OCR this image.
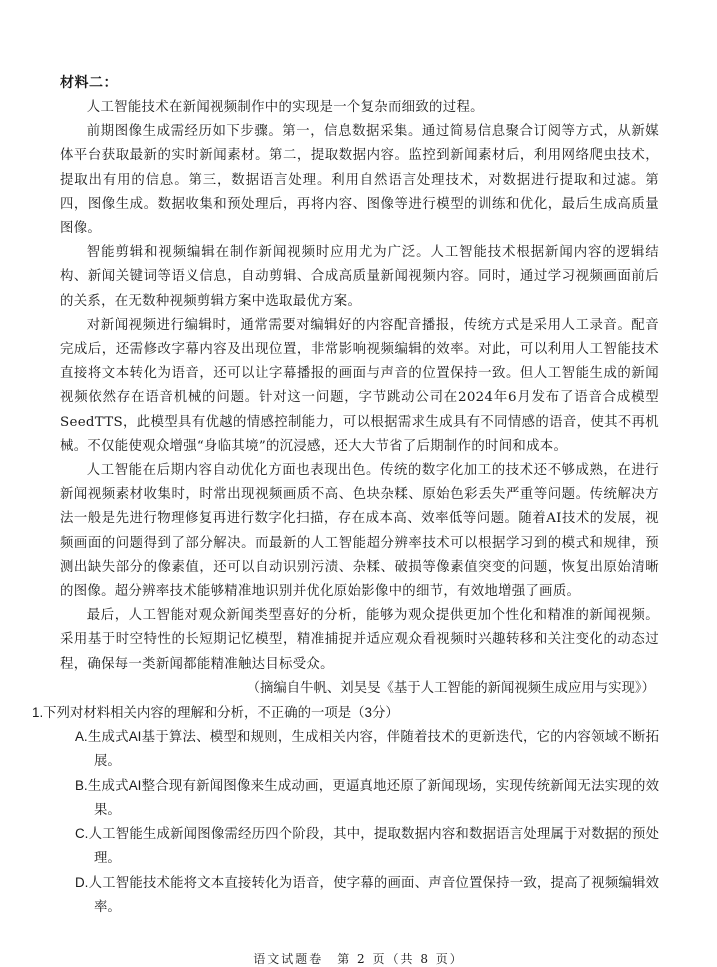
材料二：

人工智能技术在新闻视频制作中的实现是一个复杂而细致的过程。

前期图像生成需经历如下步骤。第一，信息数据采集。通过简易信息聚合订阅等方式，从新媒体平台获取最新的实时新闻素材。第二，提取数据内容。监控到新闻素材后，利用网络爬虫技术，提取出有用的信息。第三，数据语言处理。利用自然语言处理技术，对数据进行提取和过滤。第四，图像生成。数据收集和预处理后，再将内容、图像等进行模型的训练和优化，最后生成高质量图像。

智能剪辑和视频编辑在制作新闻视频时应用尤为广泛。人工智能技术根据新闻内容的逻辑结构、新闻关键词等语义信息，自动剪辑、合成高质量新闻视频内容。同时，通过学习视频画面前后的关系，在无数种视频剪辑方案中选取最优方案。

对新闻视频进行编辑时，通常需要对编辑好的内容配音播报，传统方式是采用人工录音。配音完成后，还需修改字幕内容及出现位置，非常影响视频编辑的效率。对此，可以利用人工智能技术直接将文本转化为语音，还可以让字幕播报的画面与声音的位置保持一致。但人工智能生成的新闻视频依然存在语音机械的问题。针对这一问题，字节跳动公司在2024年6月发布了语音合成模型SeedTTS，此模型具有优越的情感控制能力，可以根据需求生成具有不同情感的语音，使其不再机械。不仅能使观众增强“身临其境”的沉浸感，还大大节省了后期制作的时间和成本。

人工智能在后期内容自动优化方面也表现出色。传统的数字化加工的技术还不够成熟，在进行新闻视频素材收集时，时常出现视频画质不高、色块杂糅、原始色彩丢失严重等问题。传统解决方法一般是先进行物理修复再进行数字化扫描，存在成本高、效率低等问题。随着AI技术的发展，视频画面的问题得到了部分解决。而最新的人工智能超分辨率技术可以根据学习到的模式和规律，预测出缺失部分的像素值，还可以自动识别污渍、杂糅、破损等像素值突变的问题，恢复出原始清晰的图像。超分辨率技术能够精准地识别并优化原始影像中的细节，有效地增强了画质。

最后，人工智能对观众新闻类型喜好的分析，能够为观众提供更加个性化和精准的新闻视频。采用基于时空特性的长短期记忆模型，精准捕捉并适应观众看视频时兴趣转移和关注变化的动态过程，确保每一类新闻都能精准触达目标受众。

（摘编自牛帆、刘昊旻《基于人工智能的新闻视频生成应用与实现》）

1.下列对材料相关内容的理解和分析，不正确的一项是（3分）

A.生成式AI基于算法、模型和规则，生成相关内容，伴随着技术的更新迭代，它的内容领域不断拓展。

B.生成式AI整合现有新闻图像来生成动画，更逼真地还原了新闻现场，实现传统新闻无法实现的效果。

C.人工智能生成新闻图像需经历四个阶段，其中，提取数据内容和数据语言处理属于对数据的预处理。

D.人工智能技术能将文本直接转化为语音，使字幕的画面、声音位置保持一致，提高了视频编辑效率。

语文试题卷　第 2 页（共 8 页）
